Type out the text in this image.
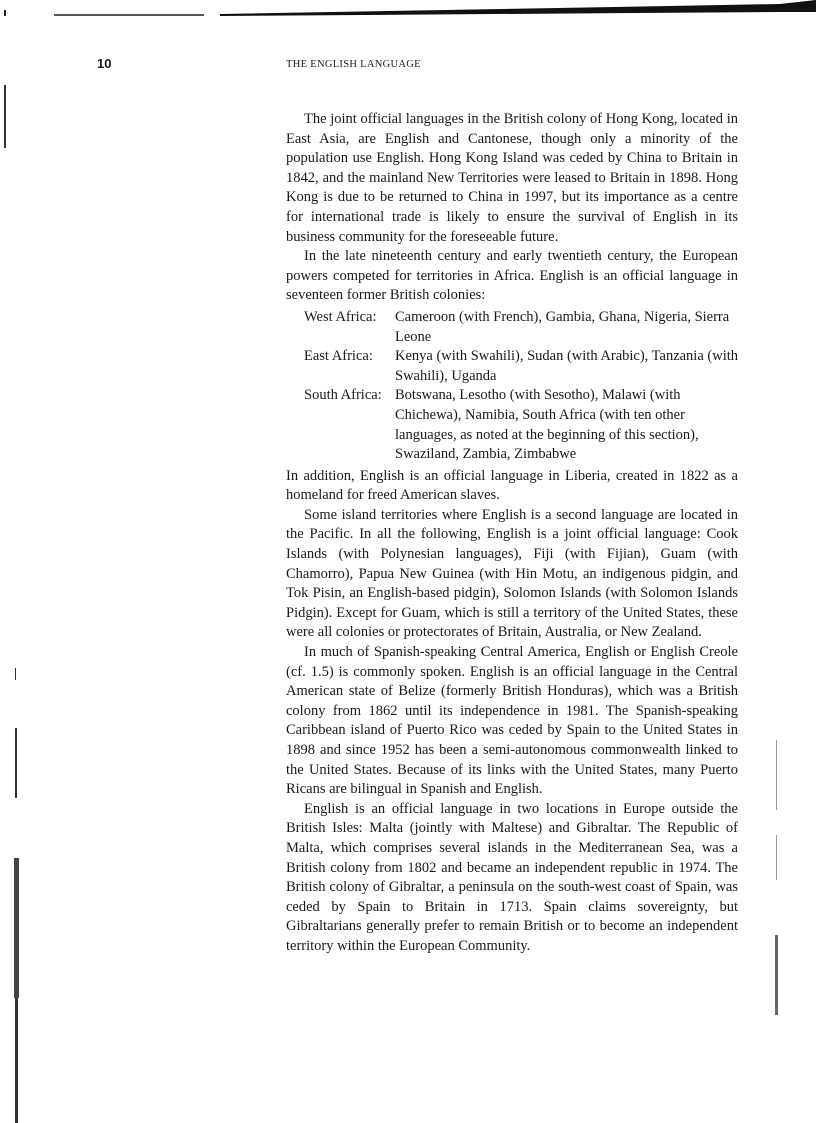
10	THE ENGLISH LANGUAGE

The joint official languages in the British colony of Hong Kong, located in East Asia, are English and Cantonese, though only a minority of the population use English. Hong Kong Island was ceded by China to Britain in 1842, and the mainland New Territories were leased to Britain in 1898. Hong Kong is due to be returned to China in 1997, but its importance as a centre for international trade is likely to ensure the survival of English in its business community for the foreseeable future.

In the late nineteenth century and early twentieth century, the European powers competed for territories in Africa. English is an official language in seventeen former British colonies:

West Africa:	Cameroon (with French), Gambia, Ghana, Nigeria, Sierra Leone
East Africa:	Kenya (with Swahili), Sudan (with Arabic), Tanzania (with Swahili), Uganda
South Africa: Botswana, Lesotho (with Sesotho), Malawi (with Chichewa), Namibia, South Africa (with ten other languages, as noted at the beginning of this section), Swaziland, Zambia, Zimbabwe

In addition, English is an official language in Liberia, created in 1822 as a homeland for freed American slaves.

Some island territories where English is a second language are located in the Pacific. In all the following, English is a joint official language: Cook Islands (with Polynesian languages), Fiji (with Fijian), Guam (with Chamorro), Papua New Guinea (with Hin Motu, an indigenous pidgin, and Tok Pisin, an English-based pidgin), Solomon Islands (with Solomon Islands Pidgin). Except for Guam, which is still a territory of the United States, these were all colonies or protectorates of Britain, Australia, or New Zealand.

In much of Spanish-speaking Central America, English or English Creole (cf. 1.5) is commonly spoken. English is an official language in the Central American state of Belize (formerly British Honduras), which was a British colony from 1862 until its independence in 1981. The Spanish-speaking Caribbean island of Puerto Rico was ceded by Spain to the United States in 1898 and since 1952 has been a semi-autonomous commonwealth linked to the United States. Because of its links with the United States, many Puerto Ricans are bilingual in Spanish and English.

English is an official language in two locations in Europe outside the British Isles: Malta (jointly with Maltese) and Gibraltar. The Republic of Malta, which comprises several islands in the Mediterranean Sea, was a British colony from 1802 and became an independent republic in 1974. The British colony of Gibraltar, a peninsula on the south-west coast of Spain, was ceded by Spain to Britain in 1713. Spain claims sovereignty, but Gibraltarians generally prefer to remain British or to become an independent territory within the European Community.
